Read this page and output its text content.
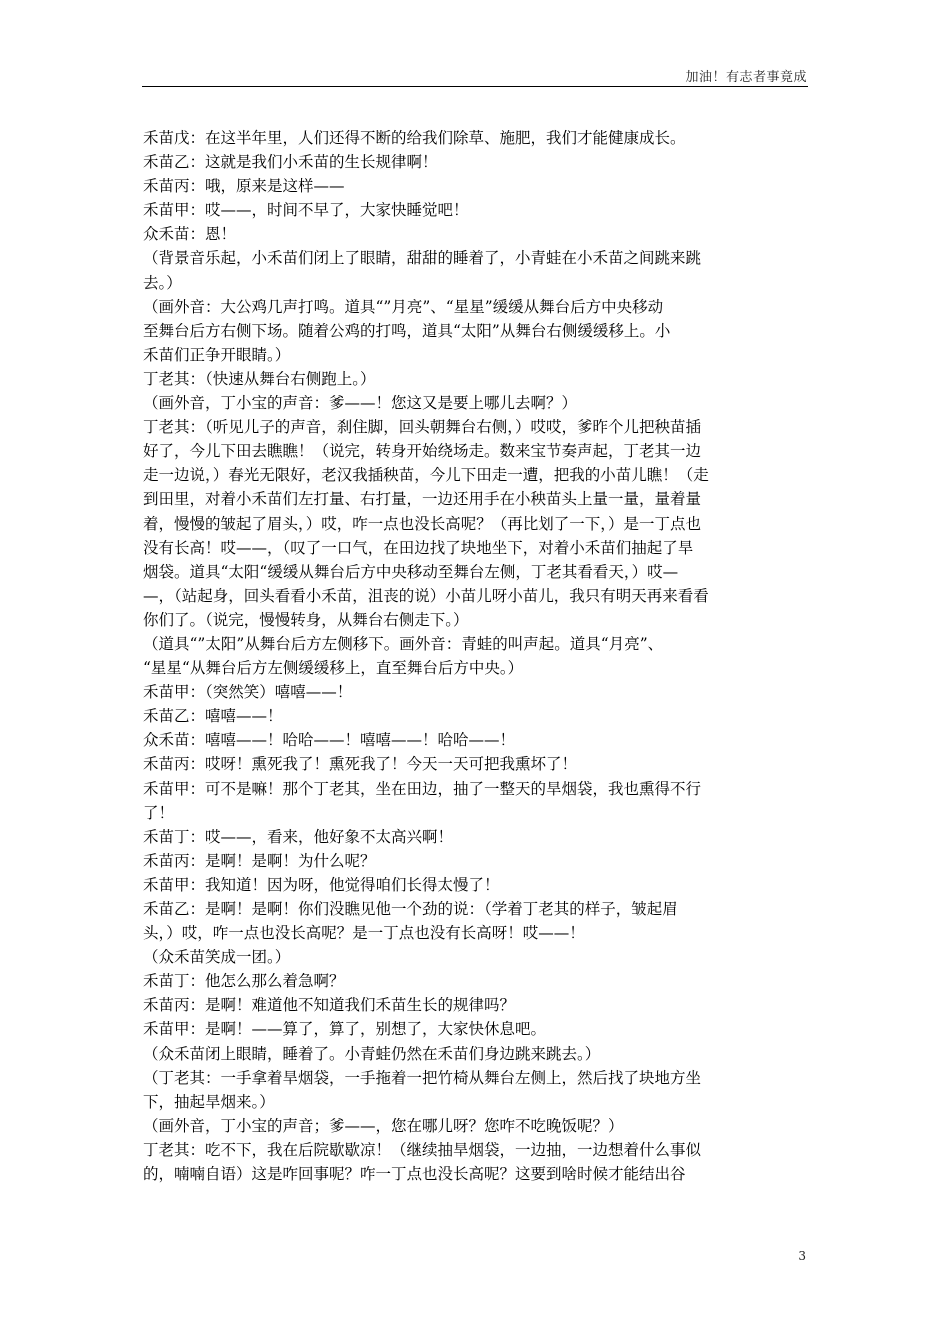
加油！有志者事竟成
禾苗戊：在这半年里，人们还得不断的给我们除草、施肥，我们才能健康成长。
禾苗乙：这就是我们小禾苗的生长规律啊！
禾苗丙：哦，原来是这样——
禾苗甲：哎——，时间不早了，大家快睡觉吧！
众禾苗：恩！
（背景音乐起，小禾苗们闭上了眼睛，甜甜的睡着了，小青蛙在小禾苗之间跳来跳
去。）
（画外音：大公鸡几声打鸣。道具“”月亮”、“星星”缓缓从舞台后方中央移动
至舞台后方右侧下场。随着公鸡的打鸣，道具“太阳”从舞台右侧缓缓移上。小
禾苗们正争开眼睛。）
丁老其：（快速从舞台右侧跑上。）
（画外音，丁小宝的声音：爹——！您这又是要上哪儿去啊？）
丁老其：（听见儿子的声音，刹住脚，回头朝舞台右侧，）哎哎，爹昨个儿把秧苗插
好了，今儿下田去瞧瞧！（说完，转身开始绕场走。数来宝节奏声起，丁老其一边
走一边说，）春光无限好，老汉我插秧苗，今儿下田走一遭，把我的小苗儿瞧！（走
到田里，对着小禾苗们左打量、右打量，一边还用手在小秧苗头上量一量，量着量
着，慢慢的皱起了眉头，）哎，咋一点也没长高呢？（再比划了一下，）是一丁点也
没有长高！哎——，（叹了一口气，在田边找了块地坐下，对着小禾苗们抽起了旱
烟袋。道具“太阳“缓缓从舞台后方中央移动至舞台左侧，丁老其看看天，）哎—
—，（站起身，回头看看小禾苗，沮丧的说）小苗儿呀小苗儿，我只有明天再来看看
你们了。（说完，慢慢转身，从舞台右侧走下。）
（道具“”太阳”从舞台后方左侧移下。画外音：青蛙的叫声起。道具“月亮”、
“星星“从舞台后方左侧缓缓移上，直至舞台后方中央。）
禾苗甲：（突然笑）嘻嘻——！
禾苗乙：嘻嘻——！
众禾苗：嘻嘻——！哈哈——！嘻嘻——！哈哈——！
禾苗丙：哎呀！熏死我了！熏死我了！今天一天可把我熏坏了！
禾苗甲：可不是嘛！那个丁老其，坐在田边，抽了一整天的旱烟袋，我也熏得不行
了！
禾苗丁：哎——，看来，他好象不太高兴啊！
禾苗丙：是啊！是啊！为什么呢？
禾苗甲：我知道！因为呀，他觉得咱们长得太慢了！
禾苗乙：是啊！是啊！你们没瞧见他一个劲的说：（学着丁老其的样子，皱起眉
头，）哎，咋一点也没长高呢？是一丁点也没有长高呀！哎——！
（众禾苗笑成一团。）
禾苗丁：他怎么那么着急啊？
禾苗丙：是啊！难道他不知道我们禾苗生长的规律吗？
禾苗甲：是啊！——算了，算了，别想了，大家快休息吧。
（众禾苗闭上眼睛，睡着了。小青蛙仍然在禾苗们身边跳来跳去。）
（丁老其：一手拿着旱烟袋，一手拖着一把竹椅从舞台左侧上，然后找了块地方坐
下，抽起旱烟来。）
（画外音，丁小宝的声音；爹——，您在哪儿呀？您咋不吃晚饭呢？）
丁老其：吃不下，我在后院歇歇凉！（继续抽旱烟袋，一边抽，一边想着什么事似
的，喃喃自语）这是咋回事呢？咋一丁点也没长高呢？这要到啥时候才能结出谷
3
